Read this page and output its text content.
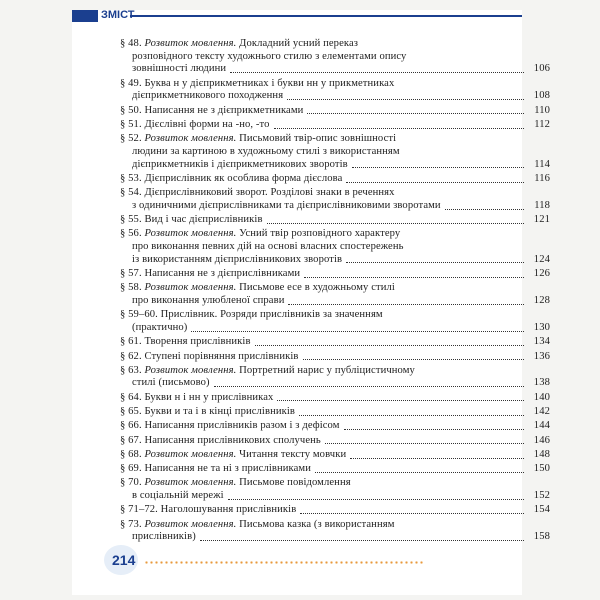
ЗМІСТ
§ 48. Розвиток мовлення. Докладний усний переказ
розповідного тексту художнього стилю з елементами опису
зовнішності людини	106
§ 49. Буква н у дієприкметниках і букви нн у прикметниках
дієприкметникового походження	108
§ 50. Написання не з дієприкметниками	110
§ 51. Дієслівні форми на -но, -то	112
§ 52. Розвиток мовлення. Письмовий твір-опис зовнішності
людини за картиною в художньому стилі з використанням
дієприкметників і дієприкметникових зворотів	114
§ 53. Дієприслівник як особлива форма дієслова	116
§ 54. Дієприслівниковий зворот. Розділові знаки в реченнях
з одиничними дієприслівниками та дієприслівниковими зворотами	118
§ 55. Вид і час дієприслівників	121
§ 56. Розвиток мовлення. Усний твір розповідного характеру
про виконання певних дій на основі власних спостережень
із використанням дієприслівникових зворотів	124
§ 57. Написання не з дієприслівниками	126
§ 58. Розвиток мовлення. Письмове есе в художньому стилі
про виконання улюбленої справи	128
§ 59–60. Прислівник. Розряди прислівників за значенням
(практично)	130
§ 61. Творення прислівників	134
§ 62. Ступені порівняння прислівників	136
§ 63. Розвиток мовлення. Портретний нарис у публіцистичному
стилі (письмово)	138
§ 64. Букви н і нн у прислівниках	140
§ 65. Букви и та і в кінці прислівників	142
§ 66. Написання прислівників разом і з дефісом	144
§ 67. Написання прислівникових сполучень	146
§ 68. Розвиток мовлення. Читання тексту мовчки	148
§ 69. Написання не та ні з прислівниками	150
§ 70. Розвиток мовлення. Письмове повідомлення
в соціальній мережі	152
§ 71–72. Наголошування прислівників	154
§ 73. Розвиток мовлення. Письмова казка (з використанням
прислівників)	158
214
